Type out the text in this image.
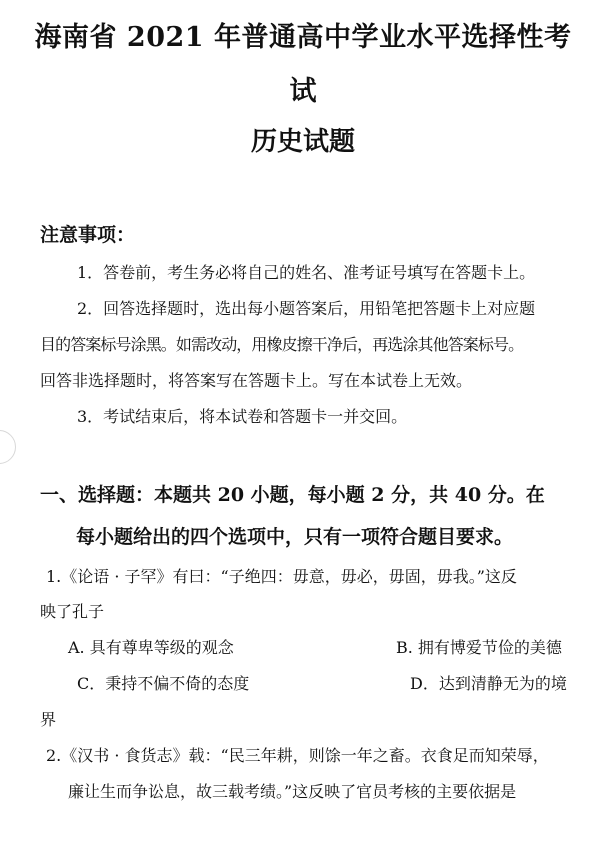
海南省 2021 年普通高中学业水平选择性考
试
历史试题
注意事项：
1．答卷前，考生务必将自己的姓名、准考证号填写在答题卡上。
2．回答选择题时，选出每小题答案后，用铅笔把答题卡上对应题
目的答案标号涂黑。如需改动，用橡皮擦干净后，再选涂其他答案标号。
回答非选择题时，将答案写在答题卡上。写在本试卷上无效。
3．考试结束后，将本试卷和答题卡一并交回。
一、选择题：本题共 20 小题，每小题 2 分，共 40 分。在
每小题给出的四个选项中，只有一项符合题目要求。
1.《论语 · 子罕》有曰：“子绝四：毋意，毋必，毋固，毋我。”这反
映了孔子
A. 具有尊卑等级的观念	B. 拥有博爱节俭的美德
C．秉持不偏不倚的态度	D．达到清静无为的境
界
2.《汉书 · 食货志》载：“民三年耕，则馀一年之畜。衣食足而知荣辱，
廉让生而争讼息，故三载考绩。”这反映了官员考核的主要依据是
